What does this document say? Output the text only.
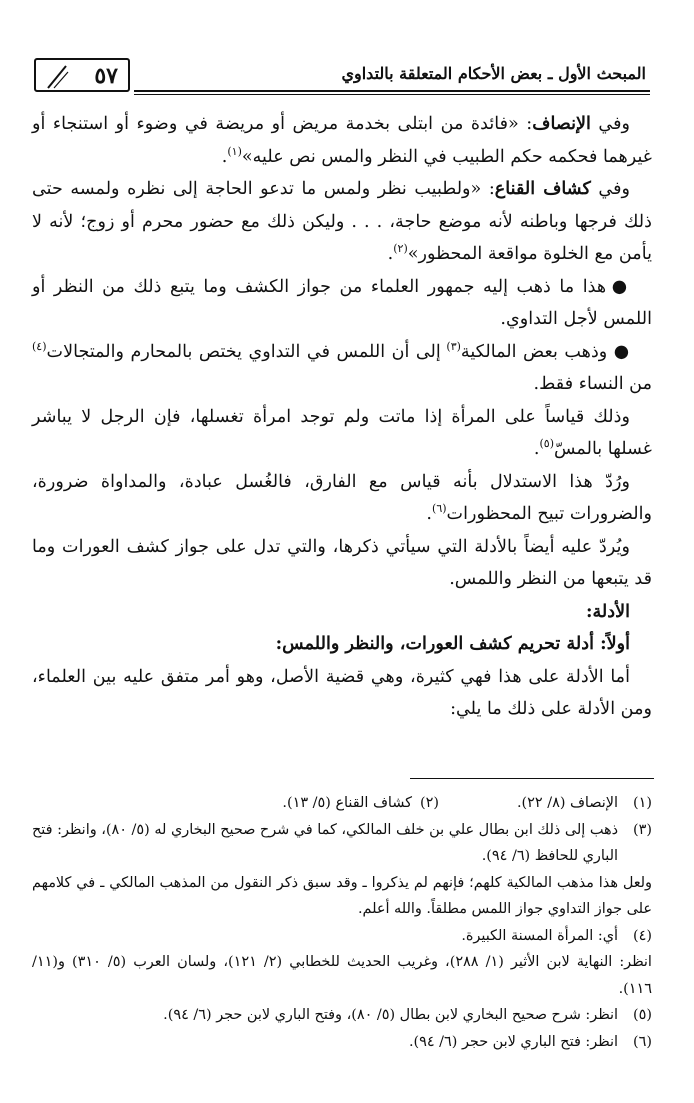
٥٧	المبحث الأول ـ بعض الأحكام المتعلقة بالتداوي

وفي الإنصاف: «فائدة من ابتلى بخدمة مريض أو مريضة في وضوء أو استنجاء أو غيرهما فحكمه حكم الطبيب في النظر والمس نص عليه»$^{(١)}$.

وفي كشاف القناع: «ولطبيب نظر ولمس ما تدعو الحاجة إلى نظره ولمسه حتى ذلك فرجها وباطنه لأنه موضع حاجة، . . . وليكن ذلك مع حضور محرم أو زوج؛ لأنه لا يأمن مع الخلوة مواقعة المحظور»$^{(٢)}$.

● هذا ما ذهب إليه جمهور العلماء من جواز الكشف وما يتبع ذلك من النظر أو اللمس لأجل التداوي.

● وذهب بعض المالكية$^{(٣)}$ إلى أن اللمس في التداوي يختص بالمحارم والمتجالات$^{(٤)}$ من النساء فقط.

وذلك قياساً على المرأة إذا ماتت ولم توجد امرأة تغسلها، فإن الرجل لا يباشر غسلها بالمسّ$^{(٥)}$.

ورُدّ هذا الاستدلال بأنه قياس مع الفارق، فالغُسل عبادة، والمداواة ضرورة، والضرورات تبيح المحظورات$^{(٦)}$.

ويُردّ عليه أيضاً بالأدلة التي سيأتي ذكرها، والتي تدل على جواز كشف العورات وما قد يتبعها من النظر واللمس.

الأدلة:

أولاً: أدلة تحريم كشف العورات، والنظر واللمس:

أما الأدلة على هذا فهي كثيرة، وهي قضية الأصل، وهو أمر متفق عليه بين العلماء، ومن الأدلة على ذلك ما يلي:

(١)
الإنصاف (٨/ ٢٢).
(٢)
كشاف القناع (٥/ ١٣).
(٣)
ذهب إلى ذلك ابن بطال علي بن خلف المالكي، كما في شرح صحيح البخاري له (٥/ ٨٠)، وانظر: فتح الباري للحافظ (٦/ ٩٤).
ولعل هذا مذهب المالكية كلهم؛ فإنهم لم يذكروا ـ وقد سبق ذكر النقول من المذهب المالكي ـ في كلامهم على جواز التداوي جواز اللمس مطلقاً. والله أعلم.
(٤)
أي: المرأة المسنة الكبيرة.
انظر: النهاية لابن الأثير (١/ ٢٨٨)، وغريب الحديث للخطابي (٢/ ١٢١)، ولسان العرب (٥/ ٣١٠) و(١١/ ١١٦).
(٥)
انظر: شرح صحيح البخاري لابن بطال (٥/ ٨٠)، وفتح الباري لابن حجر (٦/ ٩٤).
(٦)
انظر: فتح الباري لابن حجر (٦/ ٩٤).
